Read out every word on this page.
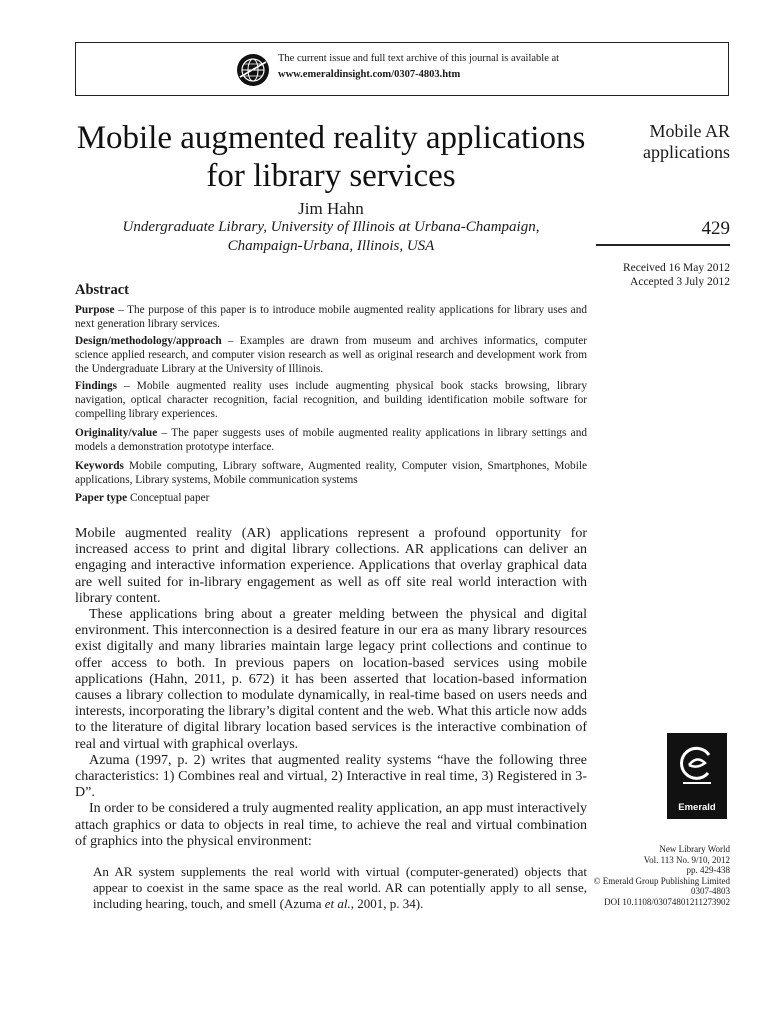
The current issue and full text archive of this journal is available at
www.emeraldinsight.com/0307-4803.htm
Mobile augmented reality applications for library services
Jim Hahn
Undergraduate Library, University of Illinois at Urbana-Champaign,
Champaign-Urbana, Illinois, USA
Mobile AR
applications
429
Received 16 May 2012
Accepted 3 July 2012
Abstract
Purpose – The purpose of this paper is to introduce mobile augmented reality applications for library uses and next generation library services.
Design/methodology/approach – Examples are drawn from museum and archives informatics, computer science applied research, and computer vision research as well as original research and development work from the Undergraduate Library at the University of Illinois.
Findings – Mobile augmented reality uses include augmenting physical book stacks browsing, library navigation, optical character recognition, facial recognition, and building identification mobile software for compelling library experiences.
Originality/value – The paper suggests uses of mobile augmented reality applications in library settings and models a demonstration prototype interface.
Keywords Mobile computing, Library software, Augmented reality, Computer vision, Smartphones, Mobile applications, Library systems, Mobile communication systems
Paper type Conceptual paper

Mobile augmented reality (AR) applications represent a profound opportunity for increased access to print and digital library collections. AR applications can deliver an engaging and interactive information experience. Applications that overlay graphical data are well suited for in-library engagement as well as off site real world interaction with library content.

These applications bring about a greater melding between the physical and digital environment. This interconnection is a desired feature in our era as many library resources exist digitally and many libraries maintain large legacy print collections and continue to offer access to both. In previous papers on location-based services using mobile applications (Hahn, 2011, p. 672) it has been asserted that location-based information causes a library collection to modulate dynamically, in real-time based on users needs and interests, incorporating the library’s digital content and the web. What this article now adds to the literature of digital library location based services is the interactive combination of real and virtual with graphical overlays.

Azuma (1997, p. 2) writes that augmented reality systems “have the following three characteristics: 1) Combines real and virtual, 2) Interactive in real time, 3) Registered in 3-D”.

In order to be considered a truly augmented reality application, an app must interactively attach graphics or data to objects in real time, to achieve the real and virtual combination of graphics into the physical environment:

An AR system supplements the real world with virtual (computer-generated) objects that appear to coexist in the same space as the real world. AR can potentially apply to all sense, including hearing, touch, and smell (Azuma et al., 2001, p. 34).
Emerald
New Library World
Vol. 113 No. 9/10, 2012
pp. 429-438
© Emerald Group Publishing Limited
0307-4803
DOI 10.1108/03074801211273902
